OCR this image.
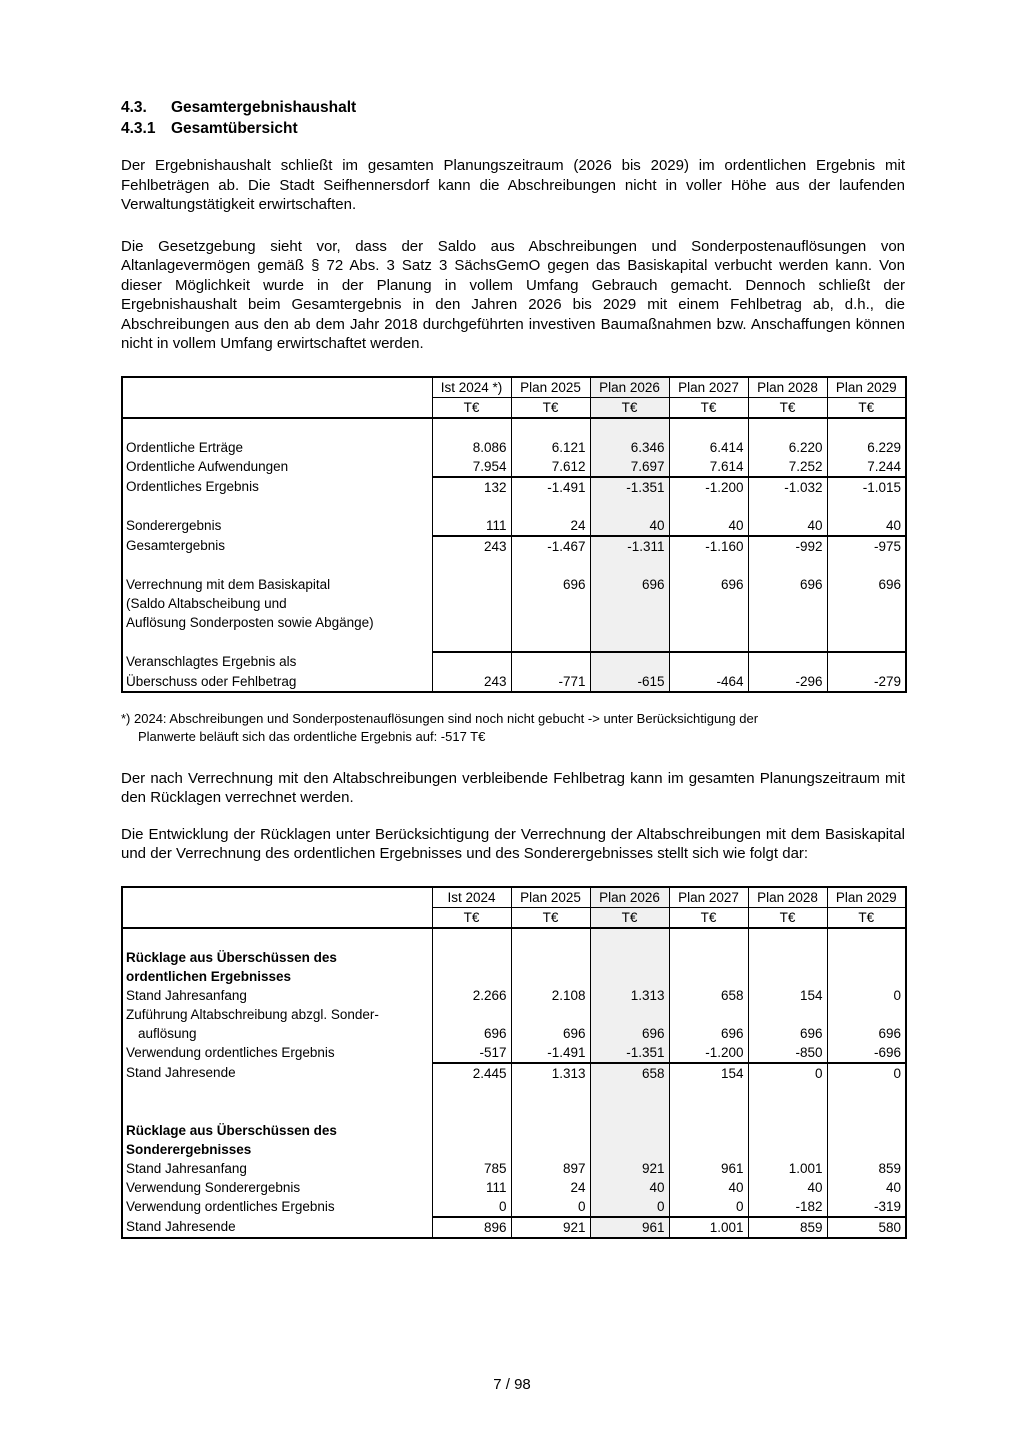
4.3. Gesamtergebnishaushalt
4.3.1 Gesamtübersicht
Der Ergebnishaushalt schließt im gesamten Planungszeitraum (2026 bis 2029) im ordentlichen Ergebnis mit Fehlbeträgen ab. Die Stadt Seifhennersdorf kann die Abschreibungen nicht in voller Höhe aus der laufenden Verwaltungstätigkeit erwirtschaften.
Die Gesetzgebung sieht vor, dass der Saldo aus Abschreibungen und Sonderpostenauflösungen von Altanlagevermögen gemäß § 72 Abs. 3 Satz 3 SächsGemO gegen das Basiskapital verbucht werden kann. Von dieser Möglichkeit wurde in der Planung in vollem Umfang Gebrauch gemacht. Dennoch schließt der Ergebnishaushalt beim Gesamtergebnis in den Jahren 2026 bis 2029 mit einem Fehlbetrag ab, d.h., die Abschreibungen aus den ab dem Jahr 2018 durchgeführten investiven Baumaßnahmen bzw. Anschaffungen können nicht in vollem Umfang erwirtschaftet werden.
	Ist 2024 *)	Plan 2025	Plan 2026	Plan 2027	Plan 2028	Plan 2029
	T€	T€	T€	T€	T€	T€

Ordentliche Erträge	8.086	6.121	6.346	6.414	6.220	6.229
Ordentliche Aufwendungen	7.954	7.612	7.697	7.614	7.252	7.244
Ordentliches Ergebnis	132	-1.491	-1.351	-1.200	-1.032	-1.015

Sonderergebnis	111	24	40	40	40	40
Gesamtergebnis	243	-1.467	-1.311	-1.160	-992	-975

Verrechnung mit dem Basiskapital		696	696	696	696	696
(Saldo Altabscheibung und						
Auflösung Sonderposten sowie Abgänge)						

Veranschlagtes Ergebnis als						
Überschuss oder Fehlbetrag	243	-771	-615	-464	-296	-279
*) 2024: Abschreibungen und Sonderpostenauflösungen sind noch nicht gebucht -> unter Berücksichtigung der
Planwerte beläuft sich das ordentliche Ergebnis auf: -517 T€
Der nach Verrechnung mit den Altabschreibungen verbleibende Fehlbetrag kann im gesamten Planungszeitraum mit den Rücklagen verrechnet werden.
Die Entwicklung der Rücklagen unter Berücksichtigung der Verrechnung der Altabschreibungen mit dem Basiskapital und der Verrechnung des ordentlichen Ergebnisses und des Sonderergebnisses stellt sich wie folgt dar:
	Ist 2024	Plan 2025	Plan 2026	Plan 2027	Plan 2028	Plan 2029
	T€	T€	T€	T€	T€	T€

Rücklage aus Überschüssen des						
ordentlichen Ergebnisses						
Stand Jahresanfang	2.266	2.108	1.313	658	154	0
Zuführung Altabschreibung abzgl. Sonder-						
auflösung	696	696	696	696	696	696
Verwendung ordentliches Ergebnis	-517	-1.491	-1.351	-1.200	-850	-696
Stand Jahresende	2.445	1.313	658	154	0	0

Rücklage aus Überschüssen des						
Sonderergebnisses						
Stand Jahresanfang	785	897	921	961	1.001	859
Verwendung Sonderergebnis	111	24	40	40	40	40
Verwendung ordentliches Ergebnis	0	0	0	0	-182	-319
Stand Jahresende	896	921	961	1.001	859	580
7 / 98
